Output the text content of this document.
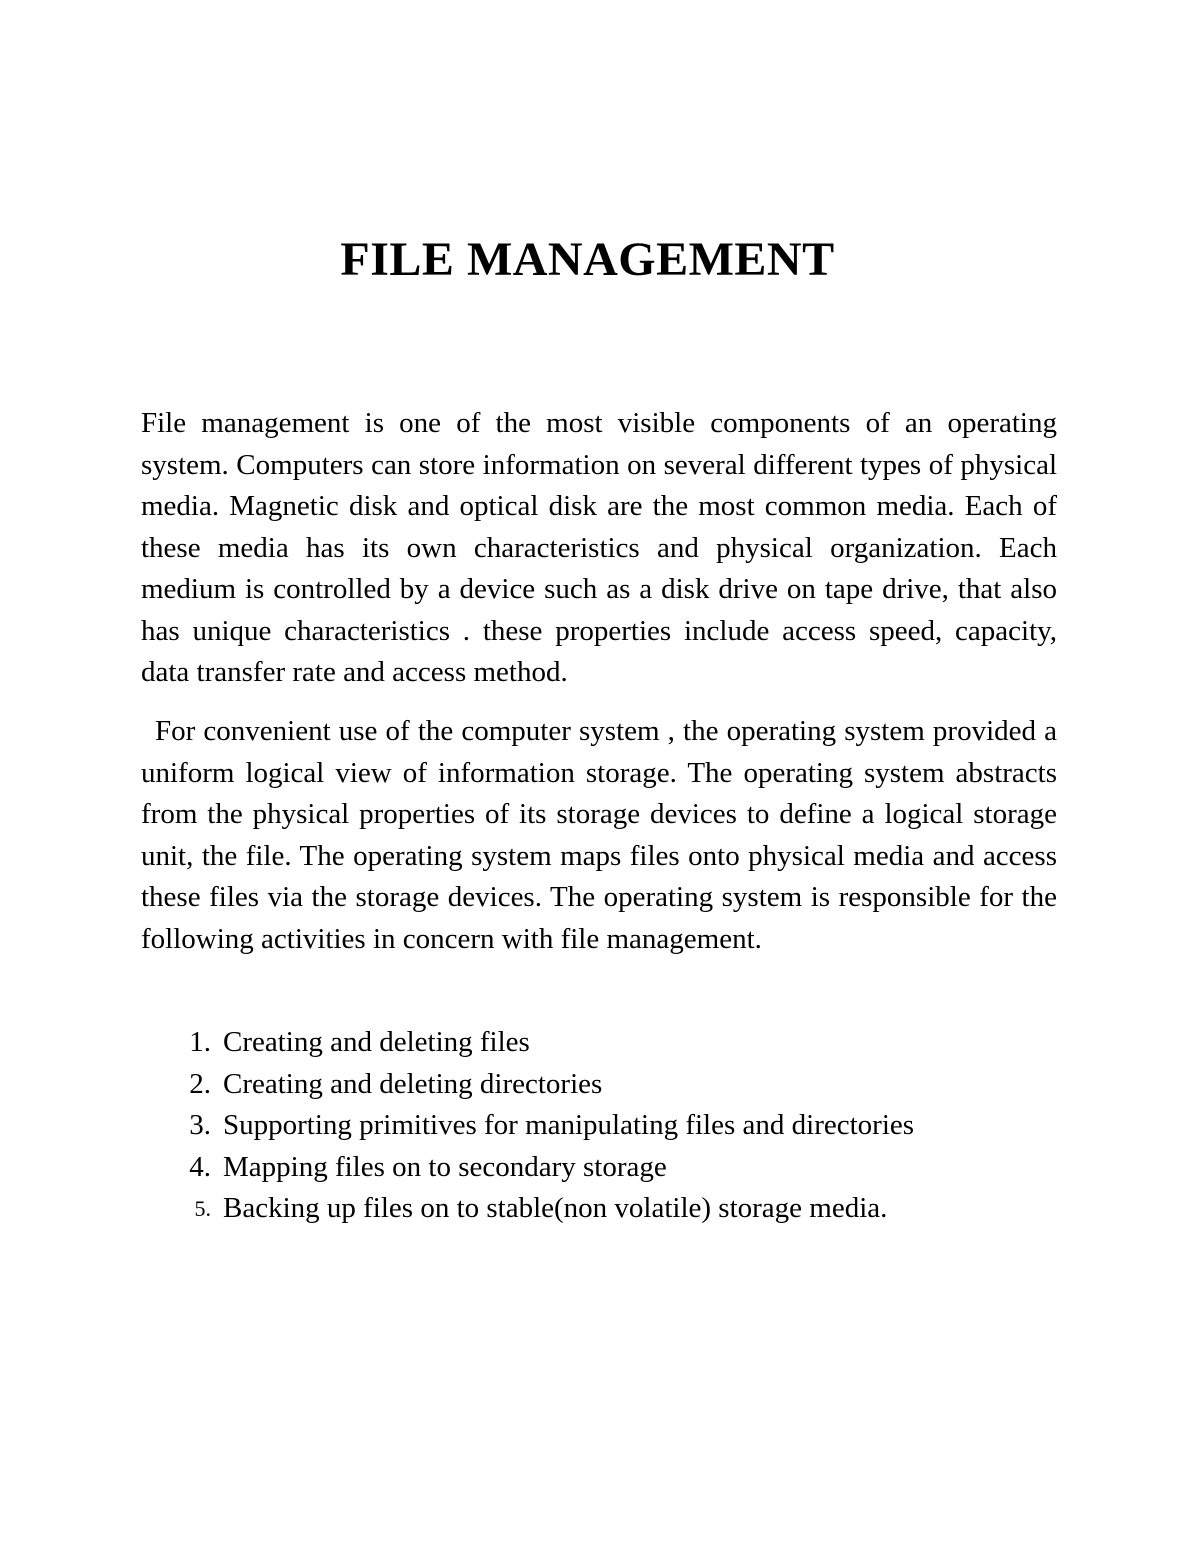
FILE MANAGEMENT

File management is one of the most visible components of an operating system. Computers can store information on several different types of physical media. Magnetic disk and optical disk are the most common media. Each of these media has its own characteristics and physical organization. Each medium is controlled by a device such as a disk drive on tape drive, that also has unique characteristics . these properties include access speed, capacity, data transfer rate and access method.

For convenient use of the computer system , the operating system provided a uniform logical view of information storage. The operating system abstracts from the physical properties of its storage devices to define a logical storage unit, the file. The operating system maps files onto physical media and access these files via the storage devices. The operating system is responsible for the following activities in concern with file management.

1. Creating and deleting files
2. Creating and deleting directories
3. Supporting primitives for manipulating files and directories
4. Mapping files on to secondary storage
5. Backing up files on to stable(non volatile) storage media.
